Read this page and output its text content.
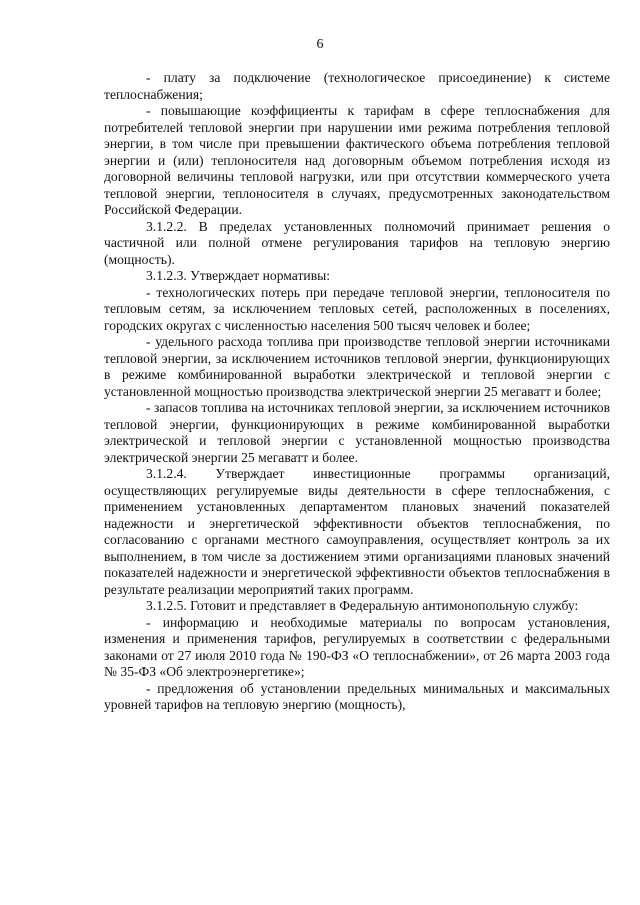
6

- плату за подключение (технологическое присоединение) к системе теплоснабжения;

- повышающие коэффициенты к тарифам в сфере теплоснабжения для потребителей тепловой энергии при нарушении ими режима потребления тепловой энергии, в том числе при превышении фактического объема потребления тепловой энергии и (или) теплоносителя над договорным объемом потребления исходя из договорной величины тепловой нагрузки, или при отсутствии коммерческого учета тепловой энергии, теплоносителя в случаях, предусмотренных законодательством Российской Федерации.

3.1.2.2. В пределах установленных полномочий принимает решения о частичной или полной отмене регулирования тарифов на тепловую энергию (мощность).

3.1.2.3. Утверждает нормативы:

- технологических потерь при передаче тепловой энергии, теплоносителя по тепловым сетям, за исключением тепловых сетей, расположенных в поселениях, городских округах с численностью населения 500 тысяч человек и более;

- удельного расхода топлива при производстве тепловой энергии источниками тепловой энергии, за исключением источников тепловой энергии, функционирующих в режиме комбинированной выработки электрической и тепловой энергии с установленной мощностью производства электрической энергии 25 мегаватт и более;

- запасов топлива на источниках тепловой энергии, за исключением источников тепловой энергии, функционирующих в режиме комбинированной выработки электрической и тепловой энергии с установленной мощностью производства электрической энергии 25 мегаватт и более.

3.1.2.4. Утверждает инвестиционные программы организаций, осуществляющих регулируемые виды деятельности в сфере теплоснабжения, с применением установленных департаментом плановых значений показателей надежности и энергетической эффективности объектов теплоснабжения, по согласованию с органами местного самоуправления, осуществляет контроль за их выполнением, в том числе за достижением этими организациями плановых значений показателей надежности и энергетической эффективности объектов теплоснабжения в результате реализации мероприятий таких программ.

3.1.2.5. Готовит и представляет в Федеральную антимонопольную службу:

- информацию и необходимые материалы по вопросам установления, изменения и применения тарифов, регулируемых в соответствии с федеральными законами от 27 июля 2010 года № 190-ФЗ «О теплоснабжении», от 26 марта 2003 года № 35-ФЗ «Об электроэнергетике»;

- предложения об установлении предельных минимальных и максимальных уровней тарифов на тепловую энергию (мощность),
